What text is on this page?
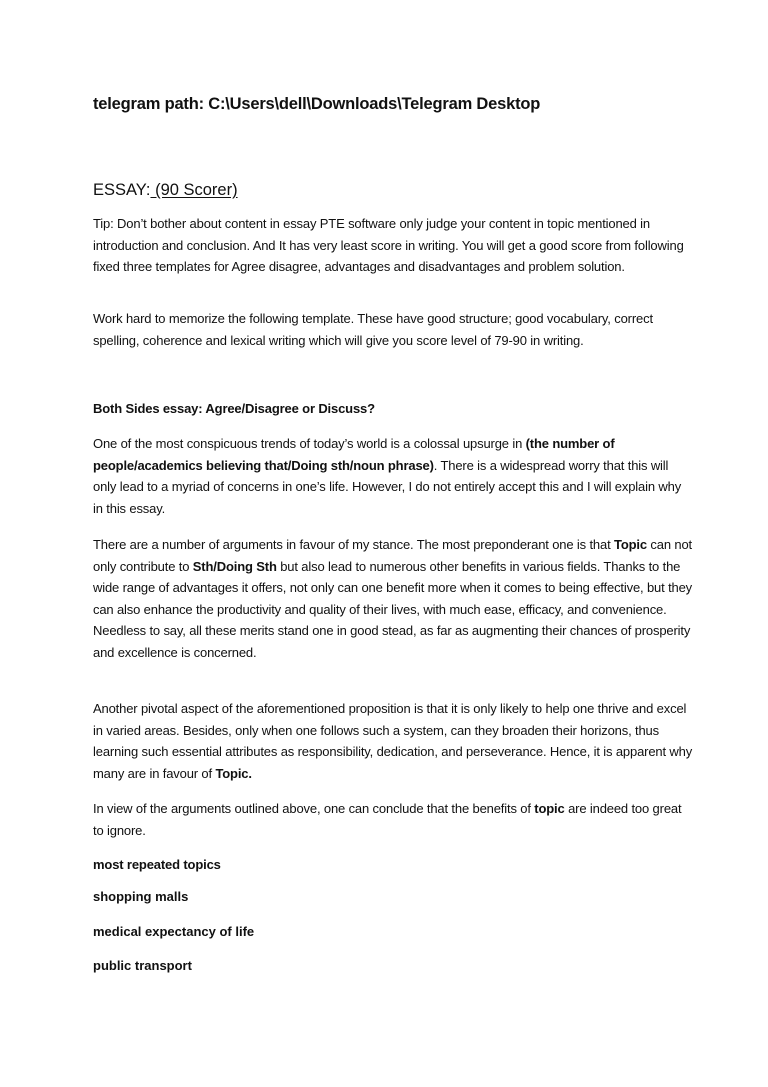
telegram path: C:\Users\dell\Downloads\Telegram Desktop
ESSAY: (90 Scorer)

Tip: Don’t bother about content in essay PTE software only judge your content in topic mentioned in introduction and conclusion. And It has very least score in writing. You will get a good score from following fixed three templates for Agree disagree, advantages and disadvantages and problem solution.

Work hard to memorize the following template. These have good structure; good vocabulary, correct spelling, coherence and lexical writing which will give you score level of 79-90 in writing.

Both Sides essay: Agree/Disagree or Discuss?

One of the most conspicuous trends of today’s world is a colossal upsurge in (the number of people/academics believing that/Doing sth/noun phrase). There is a widespread worry that this will only lead to a myriad of concerns in one’s life. However, I do not entirely accept this and I will explain why in this essay.

There are a number of arguments in favour of my stance. The most preponderant one is that Topic can not only contribute to Sth/Doing Sth but also lead to numerous other benefits in various fields. Thanks to the wide range of advantages it offers, not only can one benefit more when it comes to being effective, but they can also enhance the productivity and quality of their lives, with much ease, efficacy, and convenience. Needless to say, all these merits stand one in good stead, as far as augmenting their chances of prosperity and excellence is concerned.

Another pivotal aspect of the aforementioned proposition is that it is only likely to help one thrive and excel in varied areas. Besides, only when one follows such a system, can they broaden their horizons, thus learning such essential attributes as responsibility, dedication, and perseverance. Hence, it is apparent why many are in favour of Topic.

In view of the arguments outlined above, one can conclude that the benefits of topic are indeed too great to ignore.

most repeated topics
shopping malls
medical expectancy of life
public transport
